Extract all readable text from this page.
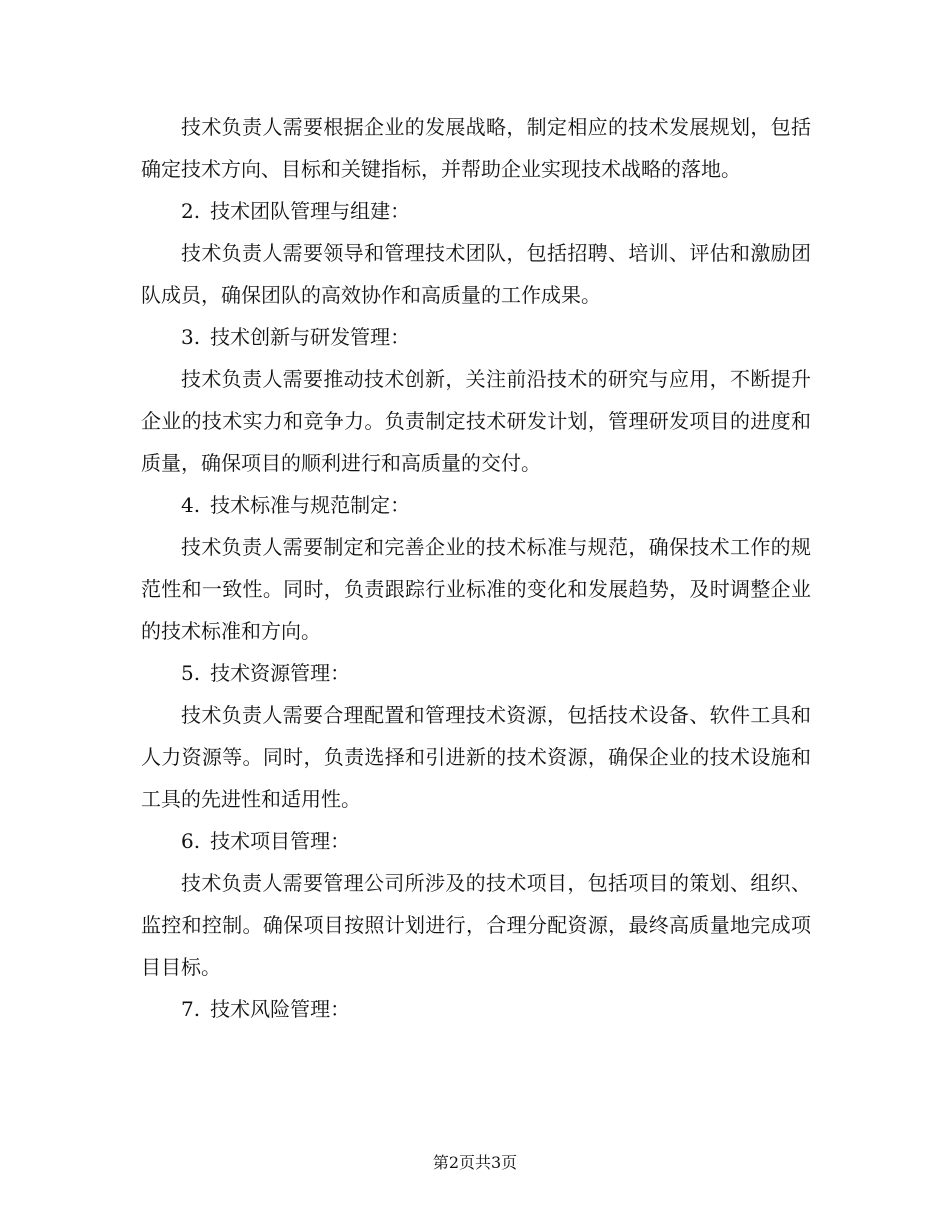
技术负责人需要根据企业的发展战略，制定相应的技术发展规划，包括确定技术方向、目标和关键指标，并帮助企业实现技术战略的落地。

2. 技术团队管理与组建：

技术负责人需要领导和管理技术团队，包括招聘、培训、评估和激励团队成员，确保团队的高效协作和高质量的工作成果。

3. 技术创新与研发管理：

技术负责人需要推动技术创新，关注前沿技术的研究与应用，不断提升企业的技术实力和竞争力。负责制定技术研发计划，管理研发项目的进度和质量，确保项目的顺利进行和高质量的交付。

4. 技术标准与规范制定：

技术负责人需要制定和完善企业的技术标准与规范，确保技术工作的规范性和一致性。同时，负责跟踪行业标准的变化和发展趋势，及时调整企业的技术标准和方向。

5. 技术资源管理：

技术负责人需要合理配置和管理技术资源，包括技术设备、软件工具和人力资源等。同时，负责选择和引进新的技术资源，确保企业的技术设施和工具的先进性和适用性。

6. 技术项目管理：

技术负责人需要管理公司所涉及的技术项目，包括项目的策划、组织、监控和控制。确保项目按照计划进行，合理分配资源，最终高质量地完成项目目标。

7. 技术风险管理：

第2页共3页
